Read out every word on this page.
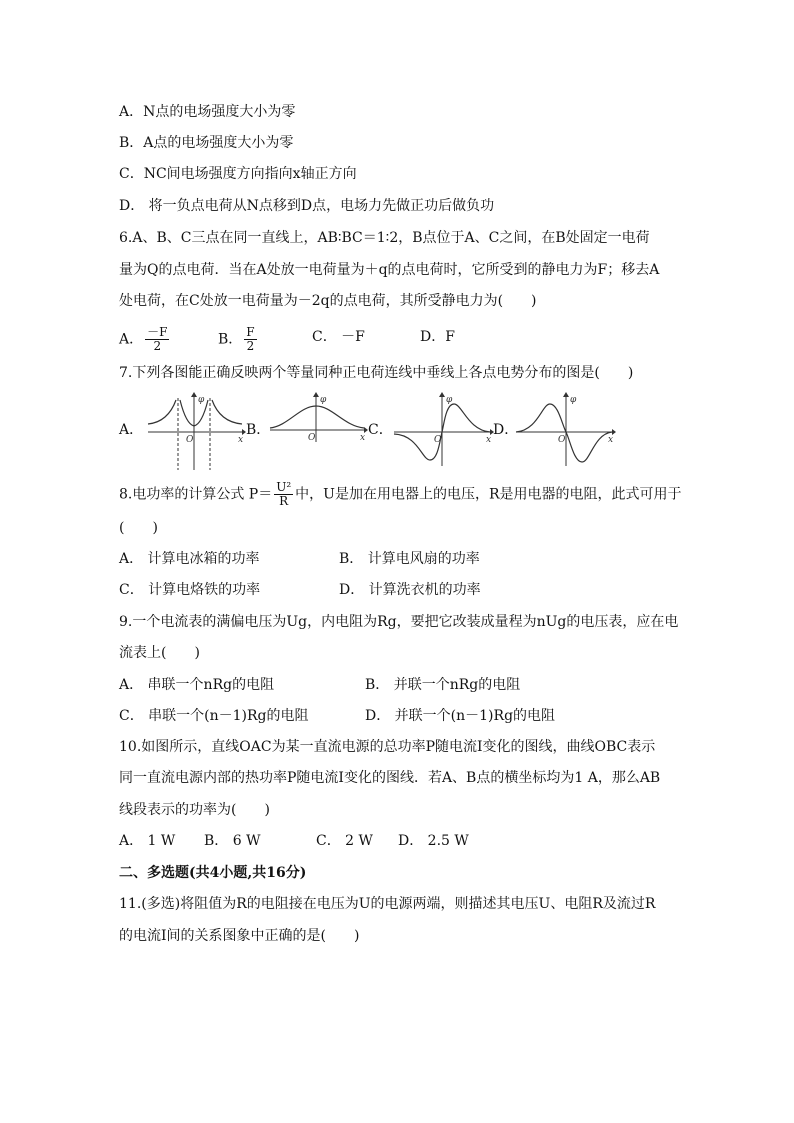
A．N点的电场强度大小为零
B．A点的电场强度大小为零
C．NC间电场强度方向指向x轴正方向
D． 将一负点电荷从N点移到D点，电场力先做正功后做负功
6.A、B、C三点在同一直线上，AB∶BC＝1∶2，B点位于A、C之间，在B处固定一电荷
量为Q的点电荷．当在A处放一电荷量为＋q的点电荷时，它所受到的静电力为F；移去A
处电荷，在C处放一电荷量为－2q的点电荷，其所受静电力为(　　)
A． $\frac{-F}{2}$	B． $\frac{F}{2}$	C． －F	D．F
7.下列各图能正确反映两个等量同种正电荷连线中垂线上各点电势分布的图是(　　)
A．
φ
O	x
B．
φ
O	x C．
φ
O	x
D．
φ
O	x
8.电功率的计算公式 $P= \frac{\text{U²}}{R}$ 中，U是加在用电器上的电压，R是用电器的电阻，此式可用于
(　　)
A． 计算电冰箱的功率	B． 计算电风扇的功率
C． 计算电烙铁的功率	D． 计算洗衣机的功率
9.一个电流表的满偏电压为Ug，内电阻为Rg，要把它改装成量程为nUg的电压表，应在电
流表上(　　)
A． 串联一个nRg的电阻	B． 并联一个nRg的电阻
C． 串联一个(n－1)Rg的电阻	D． 并联一个(n－1)Rg的电阻
10.如图所示，直线OAC为某一直流电源的总功率P随电流I变化的图线，曲线OBC表示
同一直流电源内部的热功率P随电流I变化的图线．若A、B点的横坐标均为1 A，那么AB
线段表示的功率为(　　)
A． 1 W B． 6 W	C． 2 W D． 2.5 W
二、多选题(共4小题,共16分)
11.(多选)将阻值为R的电阻接在电压为U的电源两端，则描述其电压U、电阻R及流过R
的电流I间的关系图象中正确的是(　　)
